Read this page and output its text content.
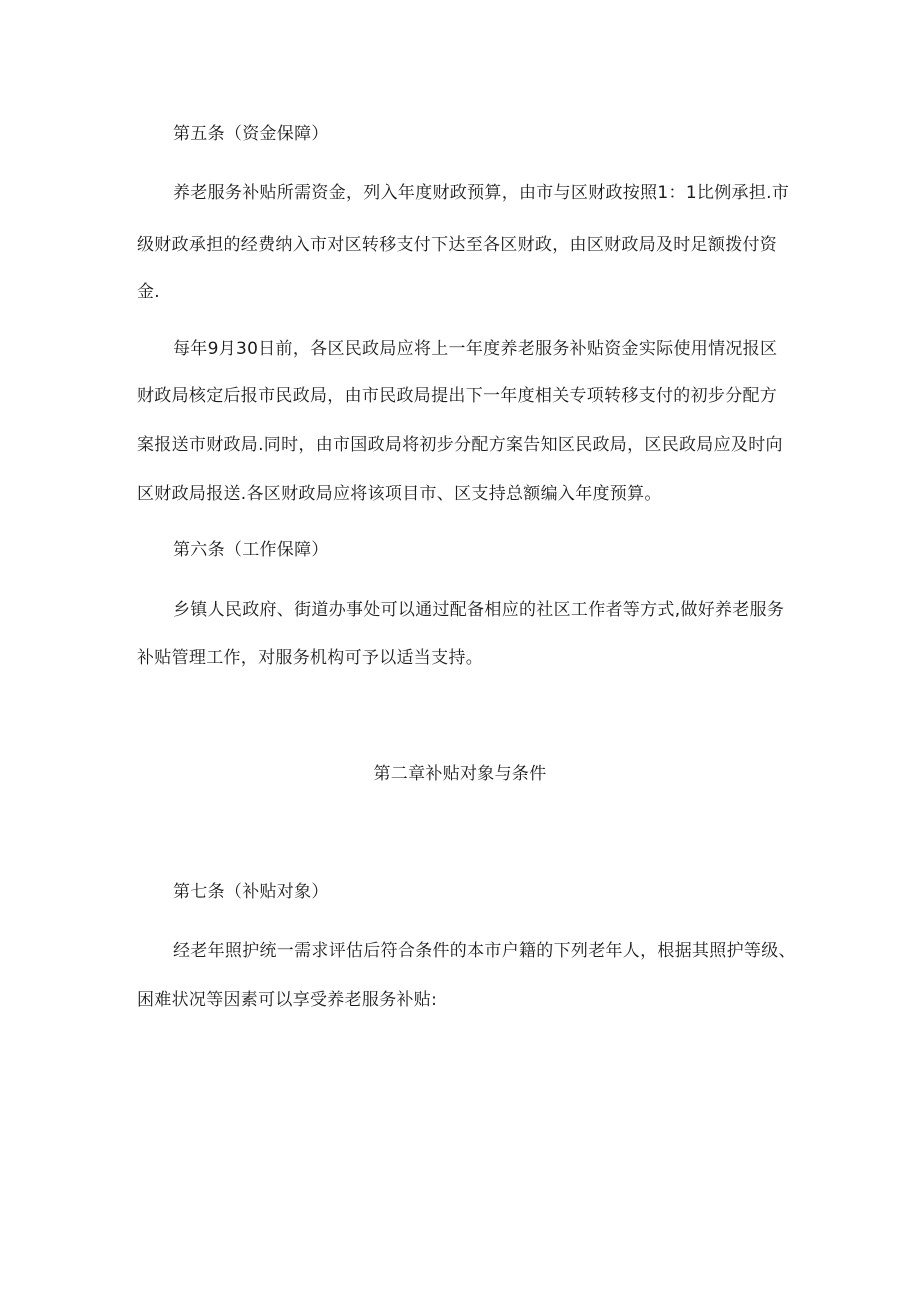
第五条（资金保障）
养老服务补贴所需资金，列入年度财政预算，由市与区财政按照1：1比例承担.市
级财政承担的经费纳入市对区转移支付下达至各区财政，由区财政局及时足额拨付资
金.
每年9月30日前，各区民政局应将上一年度养老服务补贴资金实际使用情况报区
财政局核定后报市民政局，由市民政局提出下一年度相关专项转移支付的初步分配方
案报送市财政局.同时，由市国政局将初步分配方案告知区民政局，区民政局应及时向
区财政局报送.各区财政局应将该项目市、区支持总额编入年度预算。
第六条（工作保障）
乡镇人民政府、街道办事处可以通过配备相应的社区工作者等方式,做好养老服务
补贴管理工作，对服务机构可予以适当支持。
第二章补贴对象与条件
第七条（补贴对象）
经老年照护统一需求评估后符合条件的本市户籍的下列老年人，根据其照护等级、
困难状况等因素可以享受养老服务补贴:
